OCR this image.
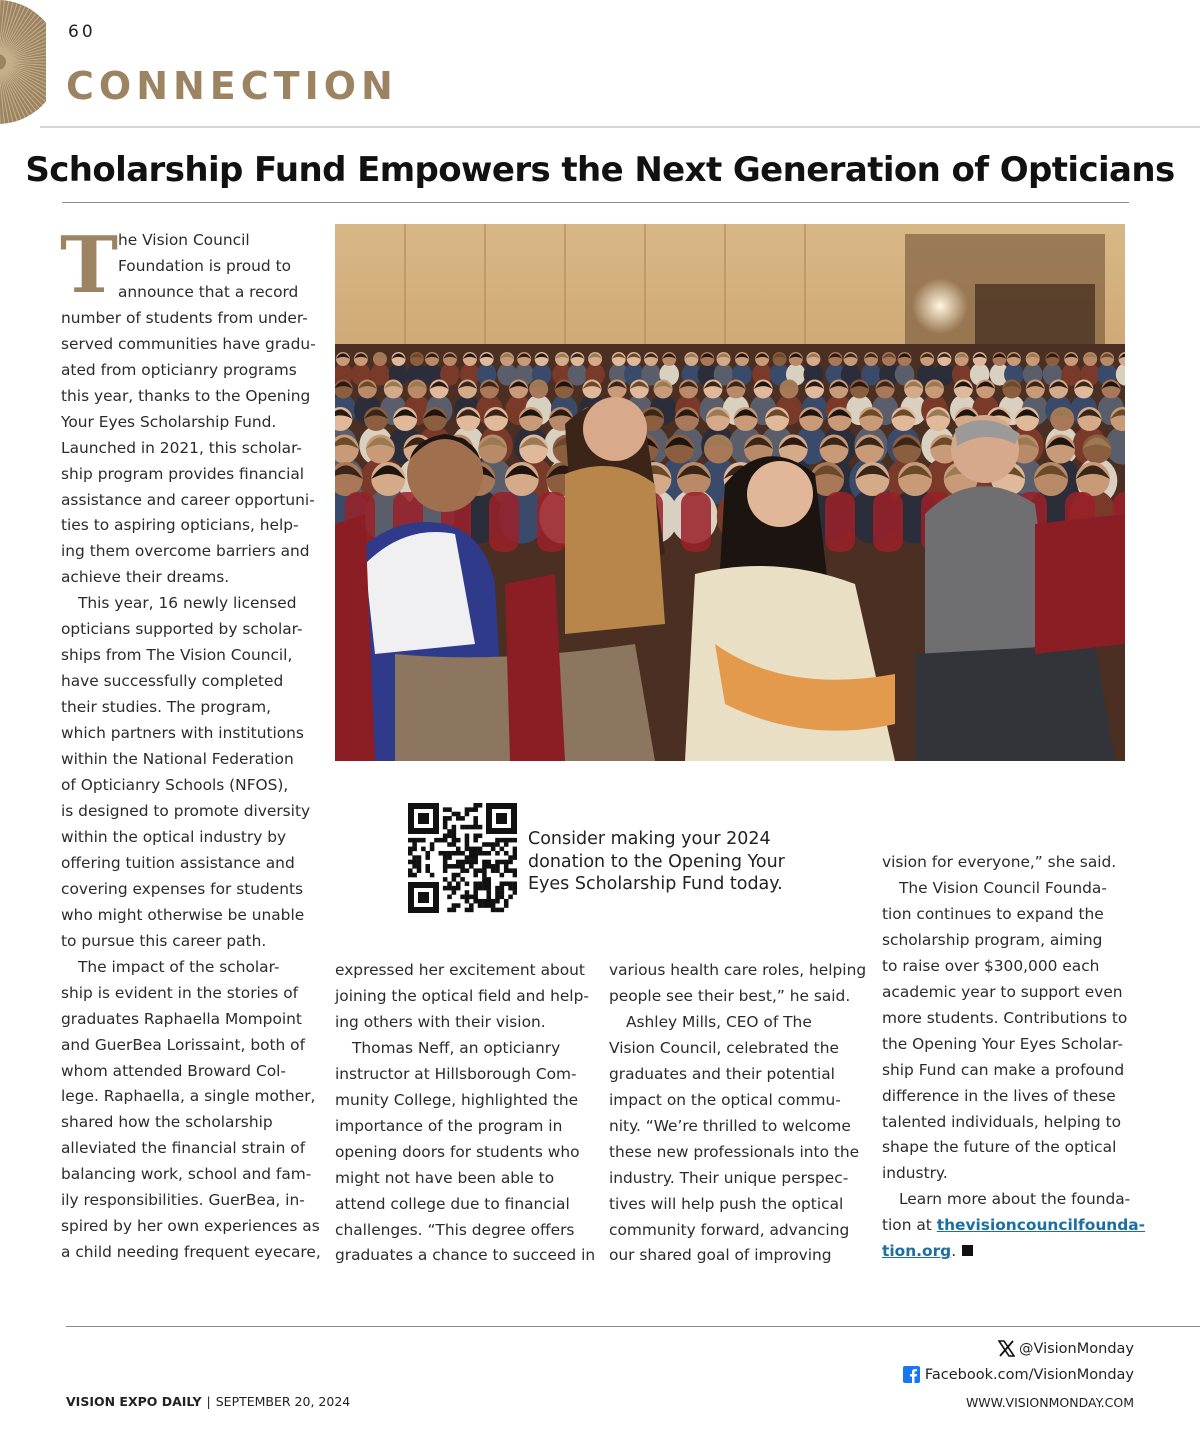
60
CONNECTION
Scholarship Fund Empowers the Next Generation of Opticians
T he Vision Council
Foundation is proud to
announce that a record
number of students from under-
served communities have gradu-
ated from opticianry programs
this year, thanks to the Opening
Your Eyes Scholarship Fund.
Launched in 2021, this scholar-
ship program provides financial
assistance and career opportuni-
ties to aspiring opticians, help-
ing them overcome barriers and
achieve their dreams.
This year, 16 newly licensed
opticians supported by scholar-
ships from The Vision Council,
have successfully completed
their studies. The program,
which partners with institutions
within the National Federation
of Opticianry Schools (NFOS),
is designed to promote diversity
within the optical industry by
offering tuition assistance and
covering expenses for students
who might otherwise be unable
to pursue this career path.
The impact of the scholar-
ship is evident in the stories of
graduates Raphaella Mompoint
and GuerBea Lorissaint, both of
whom attended Broward Col-
lege. Raphaella, a single mother,
shared how the scholarship
alleviated the financial strain of
balancing work, school and fam-
ily responsibilities. GuerBea, in-
spired by her own experiences as
a child needing frequent eyecare,
Consider making your 2024
donation to the Opening Your
Eyes Scholarship Fund today.
expressed her excitement about
joining the optical field and help-
ing others with their vision.
Thomas Neff, an opticianry
instructor at Hillsborough Com-
munity College, highlighted the
importance of the program in
opening doors for students who
might not have been able to
attend college due to financial
challenges. “This degree offers
graduates a chance to succeed in
various health care roles, helping
people see their best,” he said.
Ashley Mills, CEO of The
Vision Council, celebrated the
graduates and their potential
impact on the optical commu-
nity. “We’re thrilled to welcome
these new professionals into the
industry. Their unique perspec-
tives will help push the optical
community forward, advancing
our shared goal of improving
vision for everyone,” she said.
The Vision Council Founda-
tion continues to expand the
scholarship program, aiming
to raise over $300,000 each
academic year to support even
more students. Contributions to
the Opening Your Eyes Scholar-
ship Fund can make a profound
difference in the lives of these
talented individuals, helping to
shape the future of the optical
industry.
Learn more about the founda-
tion at thevisioncouncilfounda-
tion.org.
@VisionMonday
Facebook.com/VisionMonday
WWW.VISIONMONDAY.COM
VISION EXPO DAILY | SEPTEMBER 20, 2024
